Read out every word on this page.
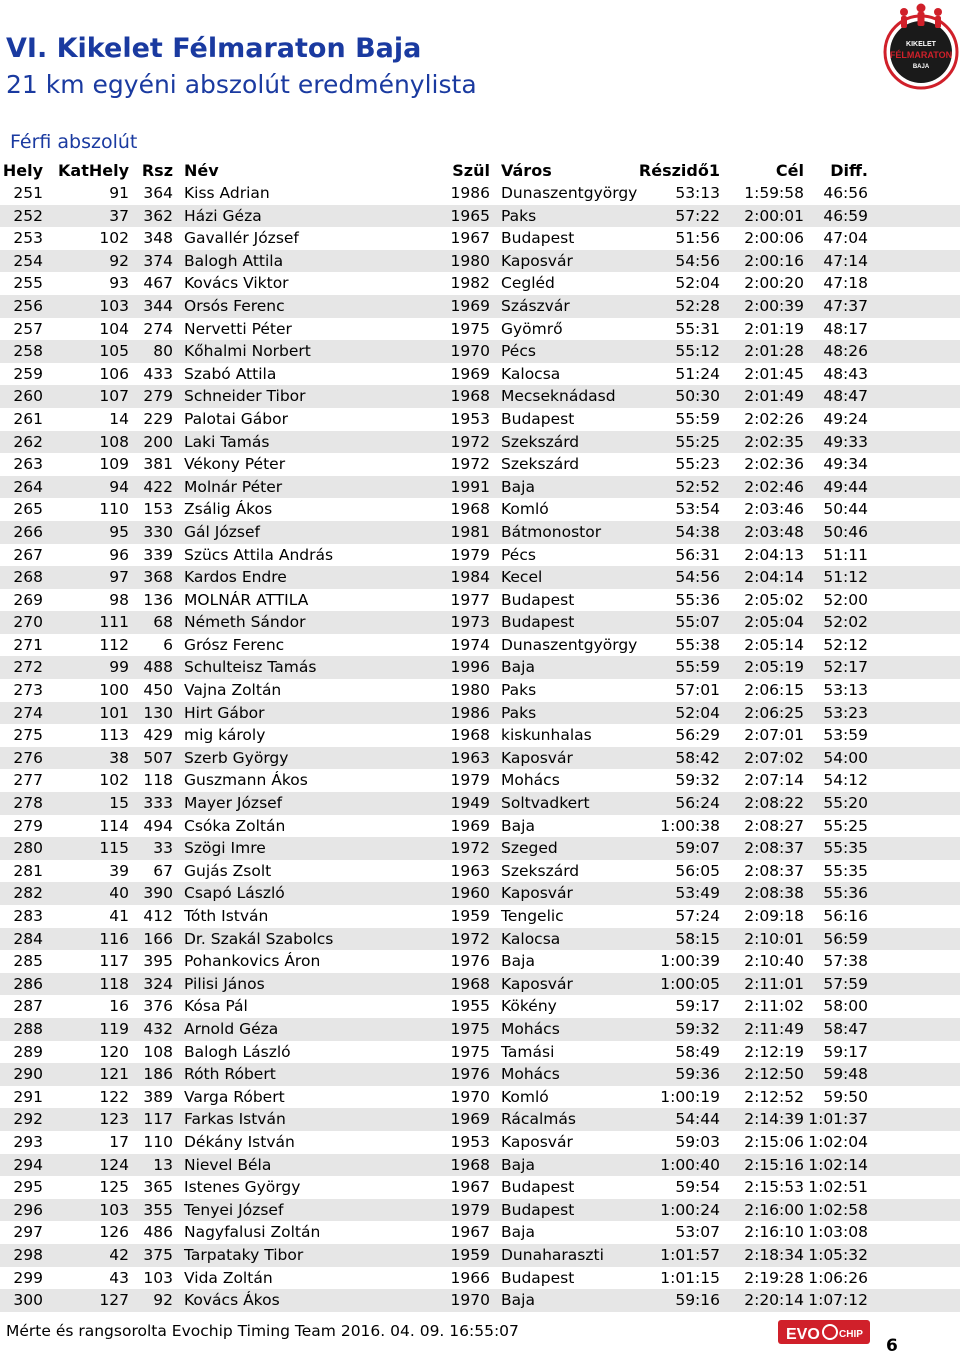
VI. Kikelet Félmaraton Baja
21 km egyéni abszolút eredménylista
Férfi abszolút
KIKELET
FÉLMARATON
BAJA
Hely KatHely Rsz Név	Szül Város	Részidő1	Cél	Diff.
251	91 364 Kiss Adrian	1986 Dunaszentgyörgy	53:13	1:59:58	46:56
252	37 362 Házi Géza	1965 Paks	57:22	2:00:01	46:59
253	102 348 Gavallér József	1967 Budapest	51:56	2:00:06	47:04
254	92 374 Balogh Attila	1980 Kaposvár	54:56	2:00:16	47:14
255	93 467 Kovács Viktor	1982 Cegléd	52:04	2:00:20	47:18
256	103 344 Orsós Ferenc	1969 Szászvár	52:28	2:00:39	47:37
257	104 274 Nervetti Péter	1975 Gyömrő	55:31	2:01:19	48:17
258	105	80 Kőhalmi Norbert	1970 Pécs	55:12	2:01:28	48:26
259	106 433 Szabó Attila	1969 Kalocsa	51:24	2:01:45	48:43
260	107 279 Schneider Tibor	1968 Mecseknádasd	50:30	2:01:49	48:47
261	14 229 Palotai Gábor	1953 Budapest	55:59	2:02:26	49:24
262	108 200 Laki Tamás	1972 Szekszárd	55:25	2:02:35	49:33
263	109 381 Vékony Péter	1972 Szekszárd	55:23	2:02:36	49:34
264	94 422 Molnár Péter	1991 Baja	52:52	2:02:46	49:44
265	110 153 Zsálig Ákos	1968 Komló	53:54	2:03:46	50:44
266	95 330 Gál József	1981 Bátmonostor	54:38	2:03:48	50:46
267	96 339 Szücs Attila András	1979 Pécs	56:31	2:04:13	51:11
268	97 368 Kardos Endre	1984 Kecel	54:56	2:04:14	51:12
269	98 136 MOLNÁR ATTILA	1977 Budapest	55:36	2:05:02	52:00
270	111	68 Németh Sándor	1973 Budapest	55:07	2:05:04	52:02
271	112	6 Grósz Ferenc	1974 Dunaszentgyörgy	55:38	2:05:14	52:12
272	99 488 Schulteisz Tamás	1996 Baja	55:59	2:05:19	52:17
273	100 450 Vajna Zoltán	1980 Paks	57:01	2:06:15	53:13
274	101 130 Hirt Gábor	1986 Paks	52:04	2:06:25	53:23
275	113 429 mig károly	1968 kiskunhalas	56:29	2:07:01	53:59
276	38 507 Szerb György	1963 Kaposvár	58:42	2:07:02	54:00
277	102 118 Guszmann Ákos	1979 Mohács	59:32	2:07:14	54:12
278	15 333 Mayer József	1949 Soltvadkert	56:24	2:08:22	55:20
279	114 494 Csóka Zoltán	1969 Baja	1:00:38	2:08:27	55:25
280	115	33 Szögi Imre	1972 Szeged	59:07	2:08:37	55:35
281	39	67 Gujás Zsolt	1963 Szekszárd	56:05	2:08:37	55:35
282	40 390 Csapó László	1960 Kaposvár	53:49	2:08:38	55:36
283	41 412 Tóth István	1959 Tengelic	57:24	2:09:18	56:16
284	116 166 Dr. Szakál Szabolcs	1972 Kalocsa	58:15	2:10:01	56:59
285	117 395 Pohankovics Áron	1976 Baja	1:00:39	2:10:40	57:38
286	118 324 Pilisi János	1968 Kaposvár	1:00:05	2:11:01	57:59
287	16 376 Kósa Pál	1955 Kökény	59:17	2:11:02	58:00
288	119 432 Arnold Géza	1975 Mohács	59:32	2:11:49	58:47
289	120 108 Balogh László	1975 Tamási	58:49	2:12:19	59:17
290	121 186 Róth Róbert	1976 Mohács	59:36	2:12:50	59:48
291	122 389 Varga Róbert	1970 Komló	1:00:19	2:12:52	59:50
292	123 117 Farkas István	1969 Rácalmás	54:44	2:14:39 1:01:37
293	17 110 Dékány István	1953 Kaposvár	59:03	2:15:06 1:02:04
294	124	13 Nievel Béla	1968 Baja	1:00:40	2:15:16 1:02:14
295	125 365 Istenes György	1967 Budapest	59:54	2:15:53 1:02:51
296	103 355 Tenyei József	1979 Budapest	1:00:24	2:16:00 1:02:58
297	126 486 Nagyfalusi Zoltán	1967 Baja	53:07	2:16:10 1:03:08
298	42 375 Tarpataky Tibor	1959 Dunaharaszti	1:01:57	2:18:34 1:05:32
299	43 103 Vida Zoltán	1966 Budapest	1:01:15	2:19:28 1:06:26
300	127	92 Kovács Ákos	1970 Baja	59:16	2:20:14 1:07:12
Mérte és rangsorolta Evochip Timing Team 2016. 04. 09. 16:55:07	EVO CHIP
6
